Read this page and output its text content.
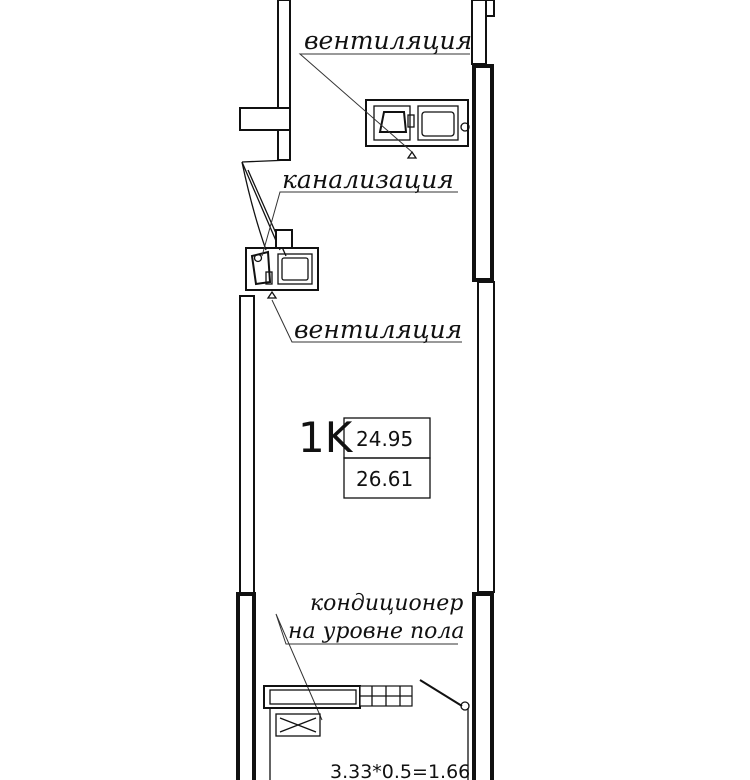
вентиляция
канализация
вентиляция
кондиционер
на уровне пола
1K 24.95
26.61
3.33*0.5=1.66
